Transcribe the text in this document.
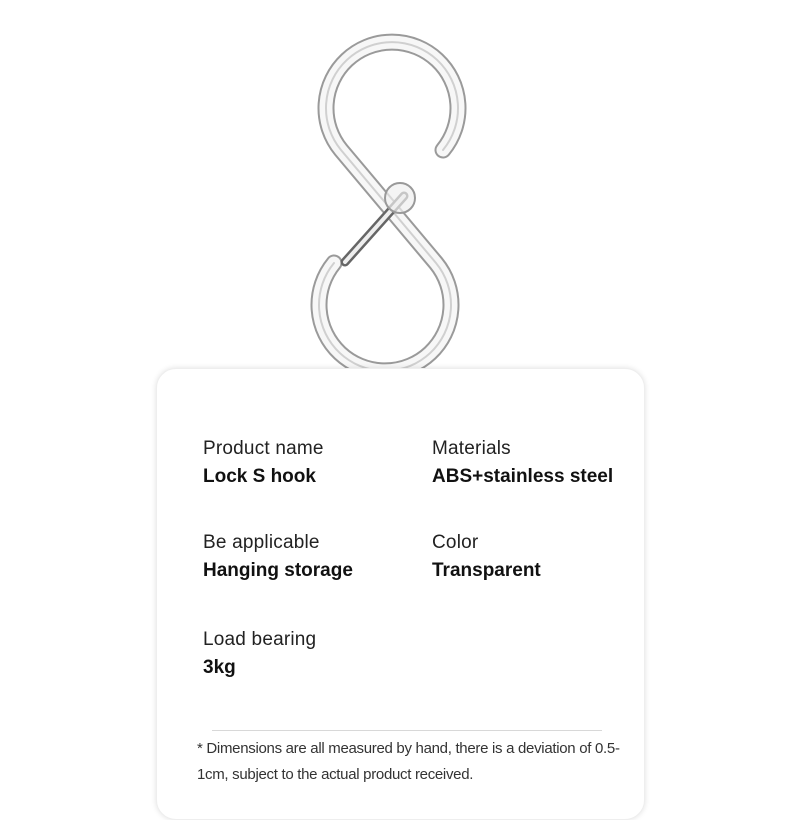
Product name
Lock S hook
Materials
ABS+stainless steel
Be applicable
Hanging storage
Color
Transparent
Load bearing
3kg
* Dimensions are all measured by hand, there is a deviation of 0.5-1cm, subject to the actual product received.
